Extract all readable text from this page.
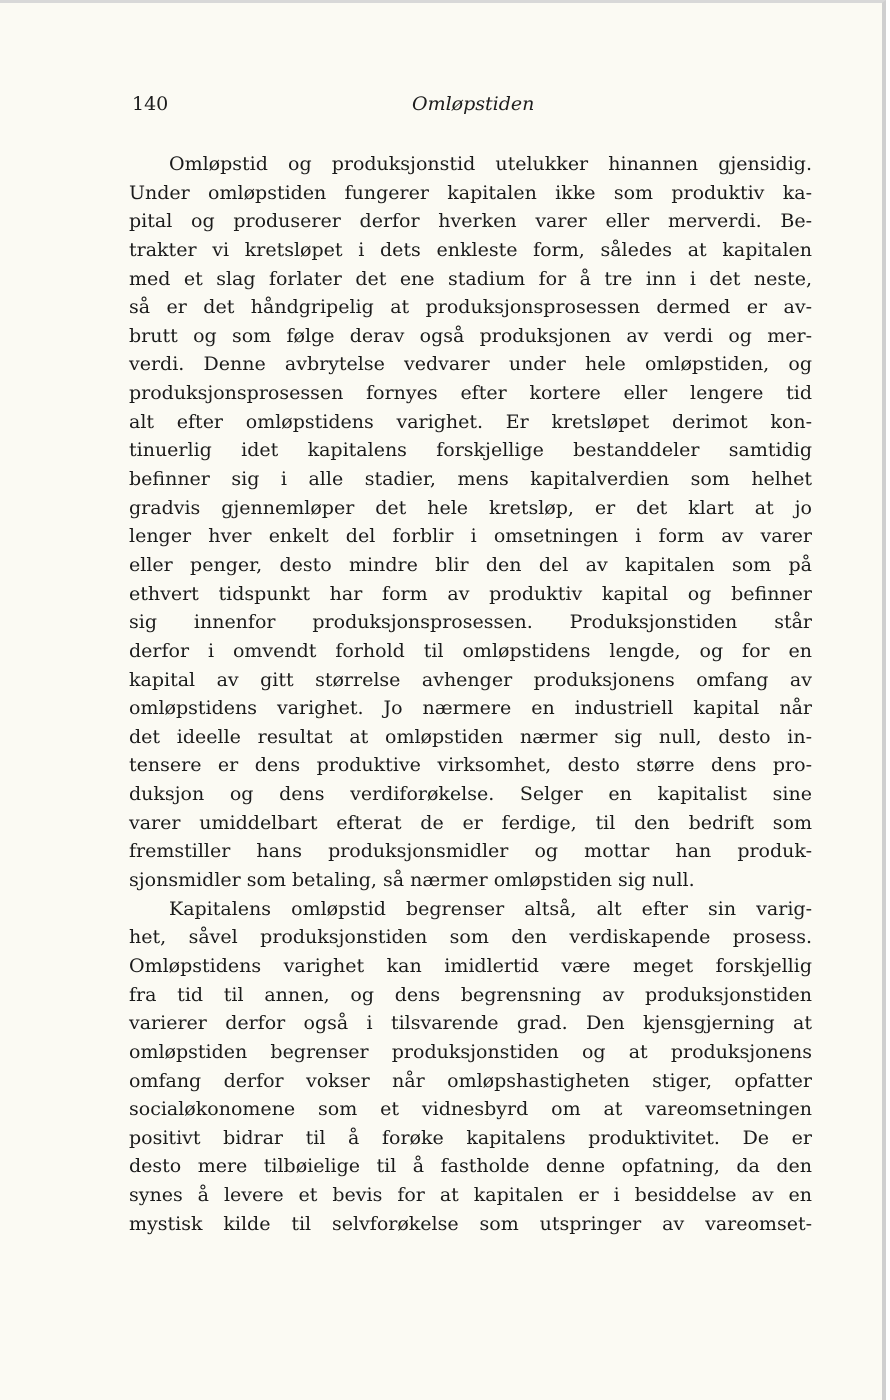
140	Omløpstiden
Omløpstid og produksjonstid utelukker hinannen gjensidig.
Under omløpstiden fungerer kapitalen ikke som produktiv ka-
pital og produserer derfor hverken varer eller merverdi. Be-
trakter vi kretsløpet i dets enkleste form, således at kapitalen
med et slag forlater det ene stadium for å tre inn i det neste,
så er det håndgripelig at produksjonsprosessen dermed er av-
brutt og som følge derav også produksjonen av verdi og mer-
verdi. Denne avbrytelse vedvarer under hele omløpstiden, og
produksjonsprosessen fornyes efter kortere eller lengere tid
alt efter omløpstidens varighet. Er kretsløpet derimot kon-
tinuerlig idet kapitalens forskjellige bestanddeler samtidig
befinner sig i alle stadier, mens kapitalverdien som helhet
gradvis gjennemløper det hele kretsløp, er det klart at jo
lenger hver enkelt del forblir i omsetningen i form av varer
eller penger, desto mindre blir den del av kapitalen som på
ethvert tidspunkt har form av produktiv kapital og befinner
sig innenfor produksjonsprosessen. Produksjonstiden står
derfor i omvendt forhold til omløpstidens lengde, og for en
kapital av gitt størrelse avhenger produksjonens omfang av
omløpstidens varighet. Jo nærmere en industriell kapital når
det ideelle resultat at omløpstiden nærmer sig null, desto in-
tensere er dens produktive virksomhet, desto større dens pro-
duksjon og dens verdiforøkelse. Selger en kapitalist sine
varer umiddelbart efterat de er ferdige, til den bedrift som
fremstiller hans produksjonsmidler og mottar han produk-
sjonsmidler som betaling, så nærmer omløpstiden sig null.
Kapitalens omløpstid begrenser altså, alt efter sin varig-
het, såvel produksjonstiden som den verdiskapende prosess.
Omløpstidens varighet kan imidlertid være meget forskjellig
fra tid til annen, og dens begrensning av produksjonstiden
varierer derfor også i tilsvarende grad. Den kjensgjerning at
omløpstiden begrenser produksjonstiden og at produksjonens
omfang derfor vokser når omløpshastigheten stiger, opfatter
socialøkonomene som et vidnesbyrd om at vareomsetningen
positivt bidrar til å forøke kapitalens produktivitet. De er
desto mere tilbøielige til å fastholde denne opfatning, da den
synes å levere et bevis for at kapitalen er i besiddelse av en
mystisk kilde til selvforøkelse som utspringer av vareomset-
